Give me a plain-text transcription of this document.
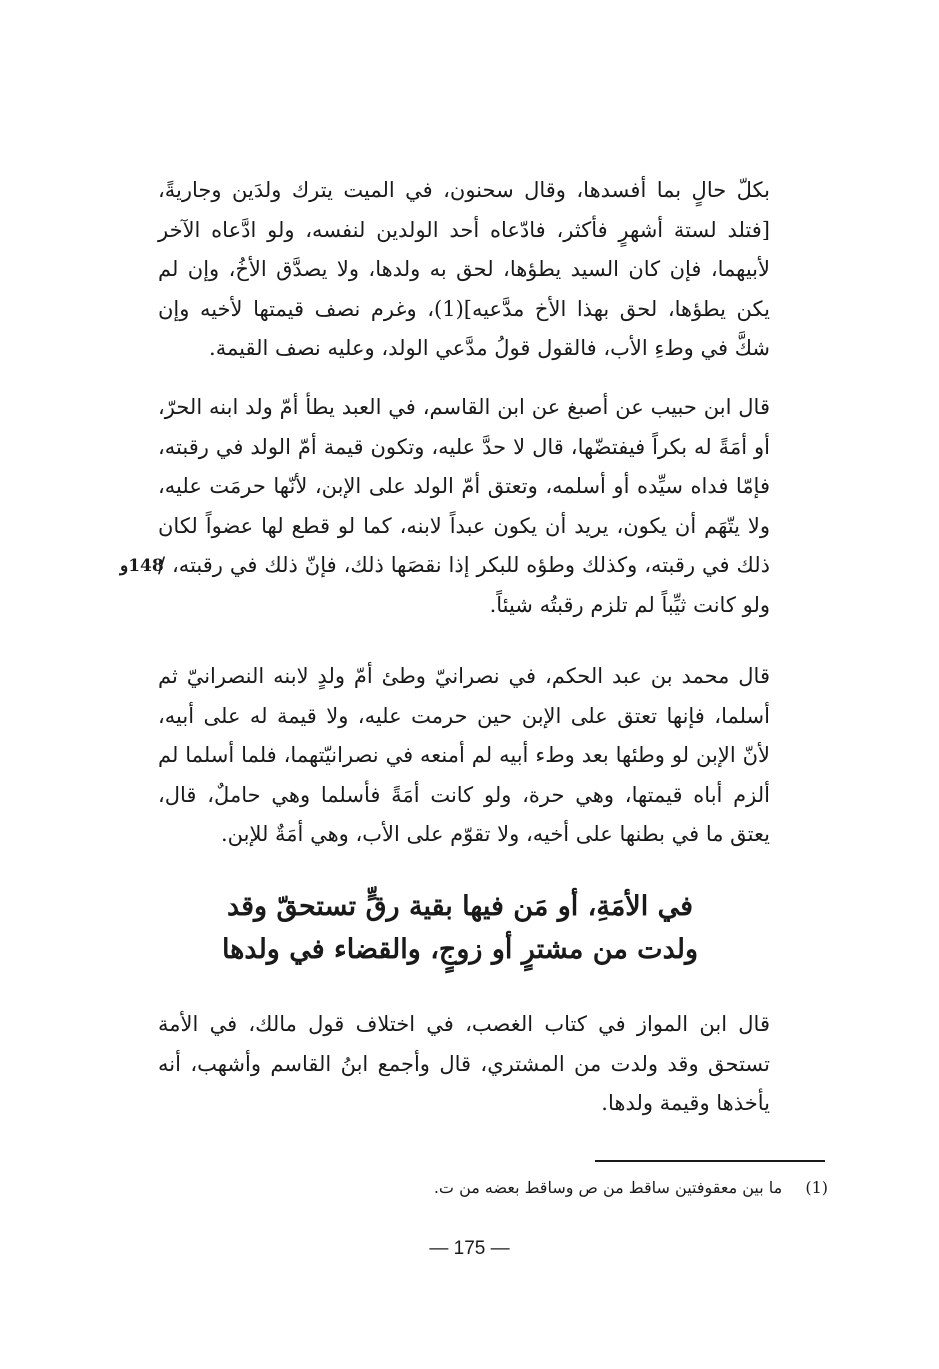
بكلّ حالٍ بما أفسدها، وقال سحنون، في الميت يترك ولدَين وجاريةً، [فتلد لستة أشهرٍ فأكثر، فادّعاه أحد الولدين لنفسه، ولو ادَّعاه الآخر لأبيهما، فإن كان السيد يطؤها، لحق به ولدها، ولا يصدَّق الأخُ، وإن لم يكن يطؤها، لحق بهذا الأخ مدَّعيه](1)، وغرم نصف قيمتها لأخيه وإن شكَّ في وطءِ الأب، فالقول قولُ مدَّعي الولد، وعليه نصف القيمة.

قال ابن حبيب عن أصبغ عن ابن القاسم، في العبد يطأ أمّ ولد ابنه الحرّ، أو أمَةً له بكراً فيفتضّها، قال لا حدَّ عليه، وتكون قيمة أمّ الولد في رقبته، فإمّا فداه سيِّده أو أسلمه، وتعتق أمّ الولد على الإبن، لأنّها حرمَت عليه، ولا يتّهَم أن يكون، يريد أن يكون عبداً لابنه، كما لو قطع لها عضواً لكان ذلك في رقبته، وكذلك وطؤه للبكر إذا نقصَها ذلك، فإنّ ذلك في رقبته، / ولو كانت ثيِّباً لم تلزم رقبتُه شيئاً.

148و

قال محمد بن عبد الحكم، في نصرانيّ وطئ أمّ ولدٍ لابنه النصرانيّ ثم أسلما، فإنها تعتق على الإبن حين حرمت عليه، ولا قيمة له على أبيه، لأنّ الإبن لو وطئها بعد وطء أبيه لم أمنعه في نصرانيّتهما، فلما أسلما لم ألزم أباه قيمتها، وهي حرة، ولو كانت أمَةً فأسلما وهي حاملٌ، قال، يعتق ما في بطنها على أخيه، ولا تقوّم على الأب، وهي أمَةٌ للإبن.

في الأمَةِ، أو مَن فيها بقية رقٍّ تستحقّ وقد
ولدت من مشترٍ أو زوجٍ، والقضاء في ولدها

قال ابن المواز في كتاب الغصب، في اختلاف قول مالك، في الأمة تستحق وقد ولدت من المشتري، قال وأجمع ابنُ القاسم وأشهب، أنه يأخذها وقيمة ولدها.

(1) ما بين معقوفتين ساقط من ص وساقط بعضه من ت.
— 175 —
